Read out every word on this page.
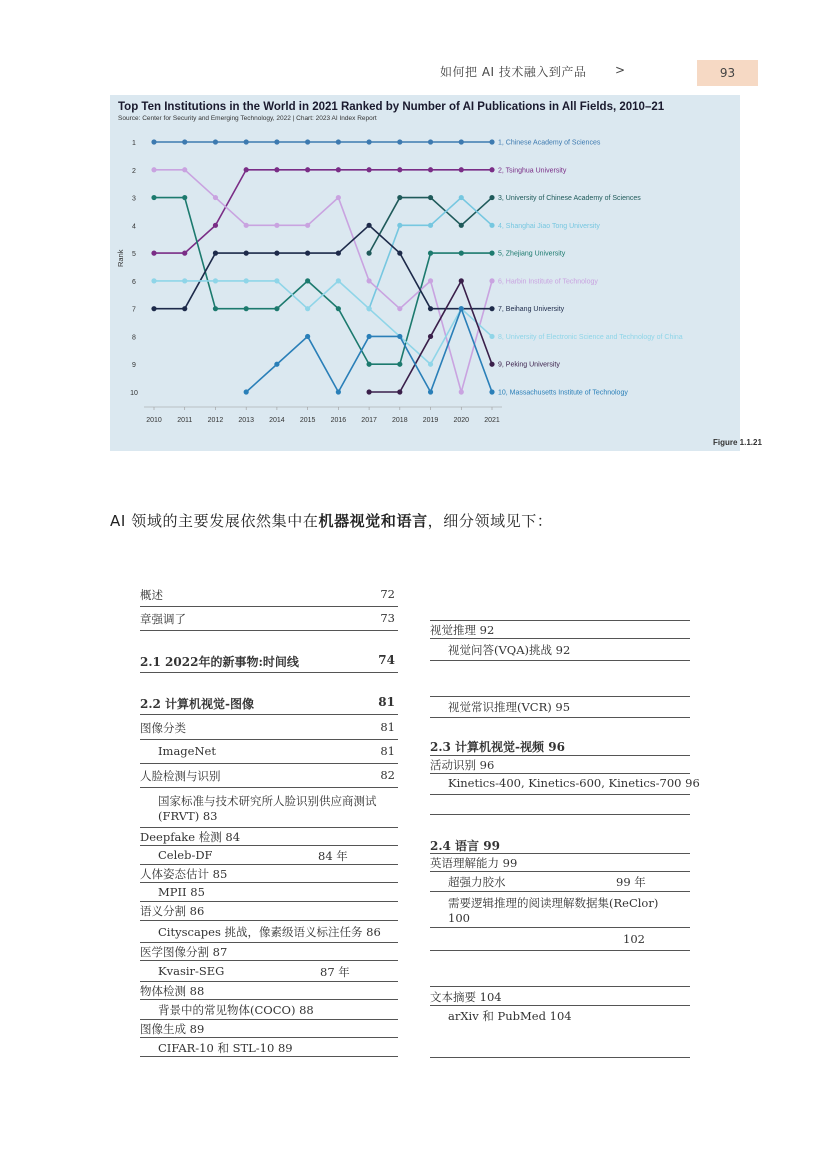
如何把 AI 技术融入到产品 >	93
Top Ten Institutions in the World in 2021 Ranked by Number of AI Publications in All Fields, 2010–21
Source: Center for Security and Emerging Technology, 2022 | Chart: 2023 AI Index Report
Rank
Figure 1.1.21
1
2
3
4
5
6
7
8
9
10
2010 2011 2012 2013 2014 2015 2016 2017 2018 2019 2020 2021
1, Chinese Academy of Sciences
2, Tsinghua University
3, University of Chinese Academy of Sciences
4, Shanghai Jiao Tong University
5, Zhejiang University
6, Harbin Institute of Technology
7, Beihang University
8, University of Electronic Science and Technology of China
9, Peking University
10, Massachusetts Institute of Technology
AI 领域的主要发展依然集中在机器视觉和语言，细分领域见下：
概述	72
章强调了	73
2.1 2022年的新事物:时间线	74
2.2 计算机视觉-图像	81
图像分类	81
ImageNet	81
人脸检测与识别	82
国家标准与技术研究所人脸识别供应商测试
(FRVT) 83
Deepfake 检测 84
Celeb-DF	84 年
人体姿态估计 85
MPII 85
语义分割 86
Cityscapes 挑战，像素级语义标注任务 86
医学图像分割 87
Kvasir-SEG	87 年
物体检测 88
背景中的常见物体(COCO) 88
图像生成 89
CIFAR-10 和 STL-10 89
视觉推理 92
视觉问答(VQA)挑战 92
视觉常识推理(VCR) 95
2.3 计算机视觉-视频 96
活动识别 96
Kinetics-400, Kinetics-600, Kinetics-700 96
2.4 语言 99
英语理解能力 99
超强力胶水	99 年
需要逻辑推理的阅读理解数据集(ReClor)
100
102
文本摘要 104
arXiv 和 PubMed 104
